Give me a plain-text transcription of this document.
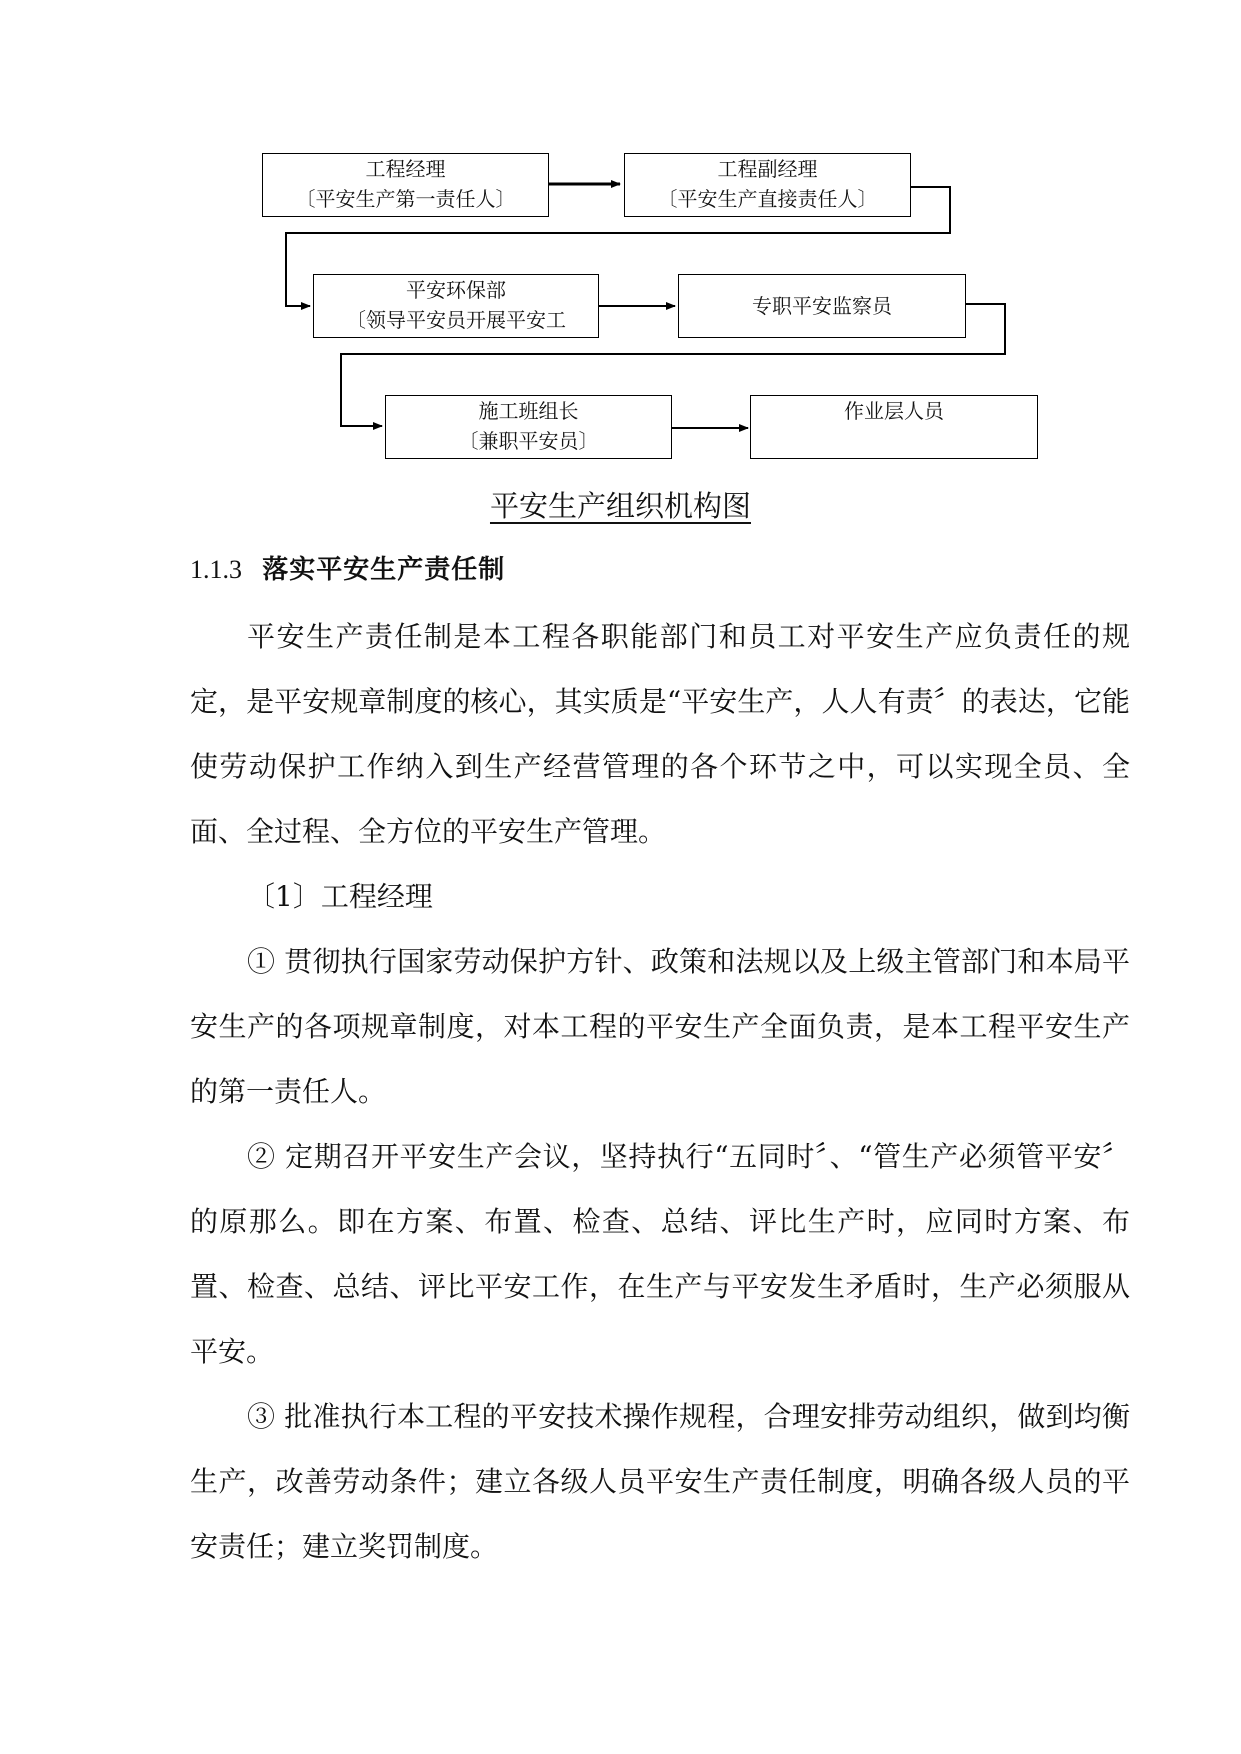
工程经理
〔平安生产第一责任人〕
工程副经理
〔平安生产直接责任人〕
平安环保部
〔领导平安员开展平安工
专职平安监察员
施工班组长
〔兼职平安员〕
作业层人员
平安生产组织机构图
1.1.3 落实平安生产责任制

平安生产责任制是本工程各职能部门和员工对平安生产应负责任的规定，是平安规章制度的核心，其实质是“平安生产，人人有责〞的表达，它能使劳动保护工作纳入到生产经营管理的各个环节之中，可以实现全员、全面、全过程、全方位的平安生产管理。

〔1〕工程经理

① 贯彻执行国家劳动保护方针、政策和法规以及上级主管部门和本局平安生产的各项规章制度，对本工程的平安生产全面负责，是本工程平安生产的第一责任人。

② 定期召开平安生产会议，坚持执行“五同时〞、“管生产必须管平安〞的原那么。即在方案、布置、检查、总结、评比生产时，应同时方案、布置、检查、总结、评比平安工作，在生产与平安发生矛盾时，生产必须服从平安。

③ 批准执行本工程的平安技术操作规程，合理安排劳动组织，做到均衡生产，改善劳动条件；建立各级人员平安生产责任制度，明确各级人员的平安责任；建立奖罚制度。
